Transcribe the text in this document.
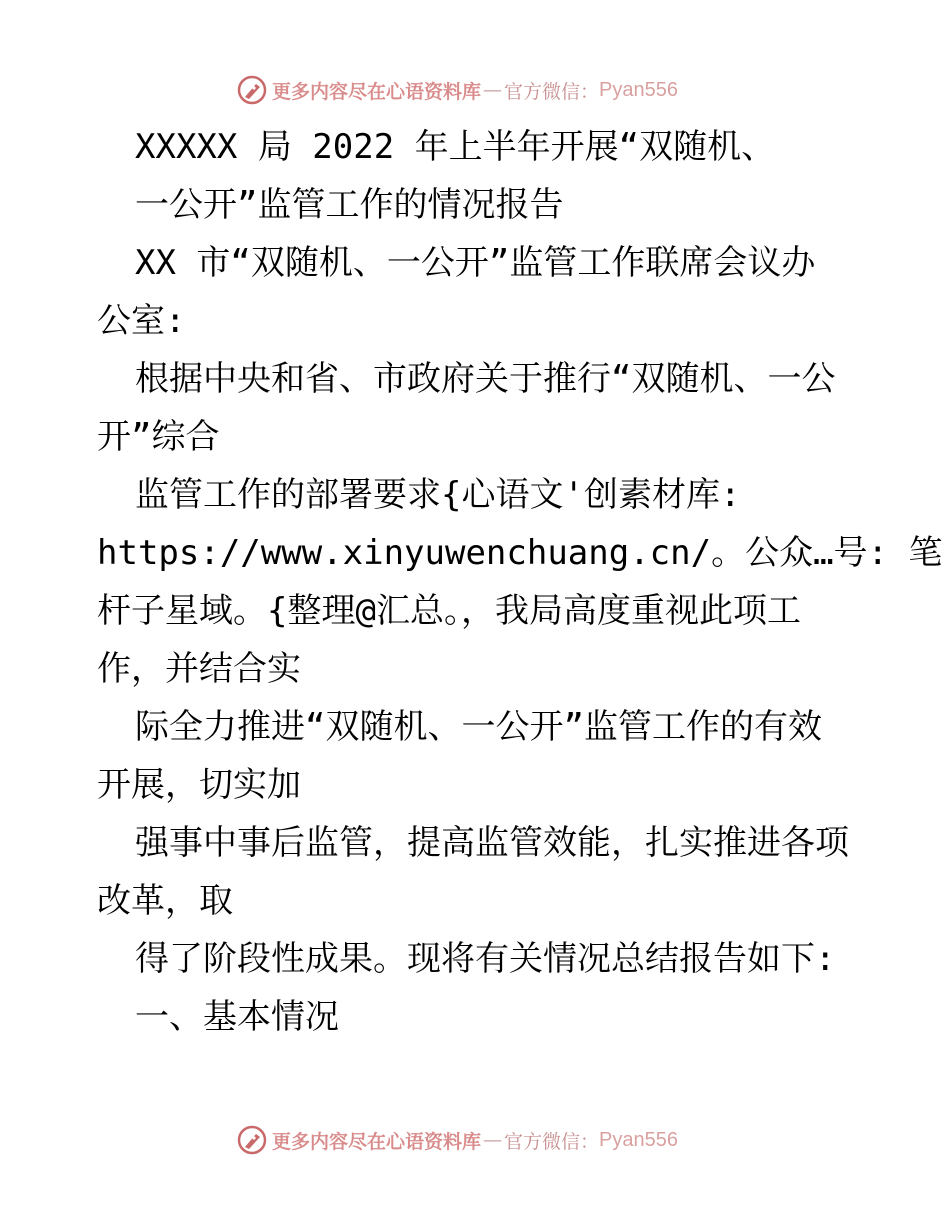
更多内容尽在心语资料库 — 官方微信： Pyan556
XXXXX 局 2022 年上半年开展“双随机、
一公开”监管工作的情况报告
XX 市“双随机、一公开”监管工作联席会议办
公室:
根据中央和省、市政府关于推行“双随机、一公
开”综合
监管工作的部署要求{心语文'创素材库:
https://www.xinyuwenchuang.cn/。公众…号: 笔
杆子星域。{整理@汇总。，我局高度重视此项工
作，并结合实
际全力推进“双随机、一公开”监管工作的有效
开展，切实加
强事中事后监管，提高监管效能，扎实推进各项
改革，取
得了阶段性成果。现将有关情况总结报告如下:
一、基本情况
更多内容尽在心语资料库 — 官方微信： Pyan556
